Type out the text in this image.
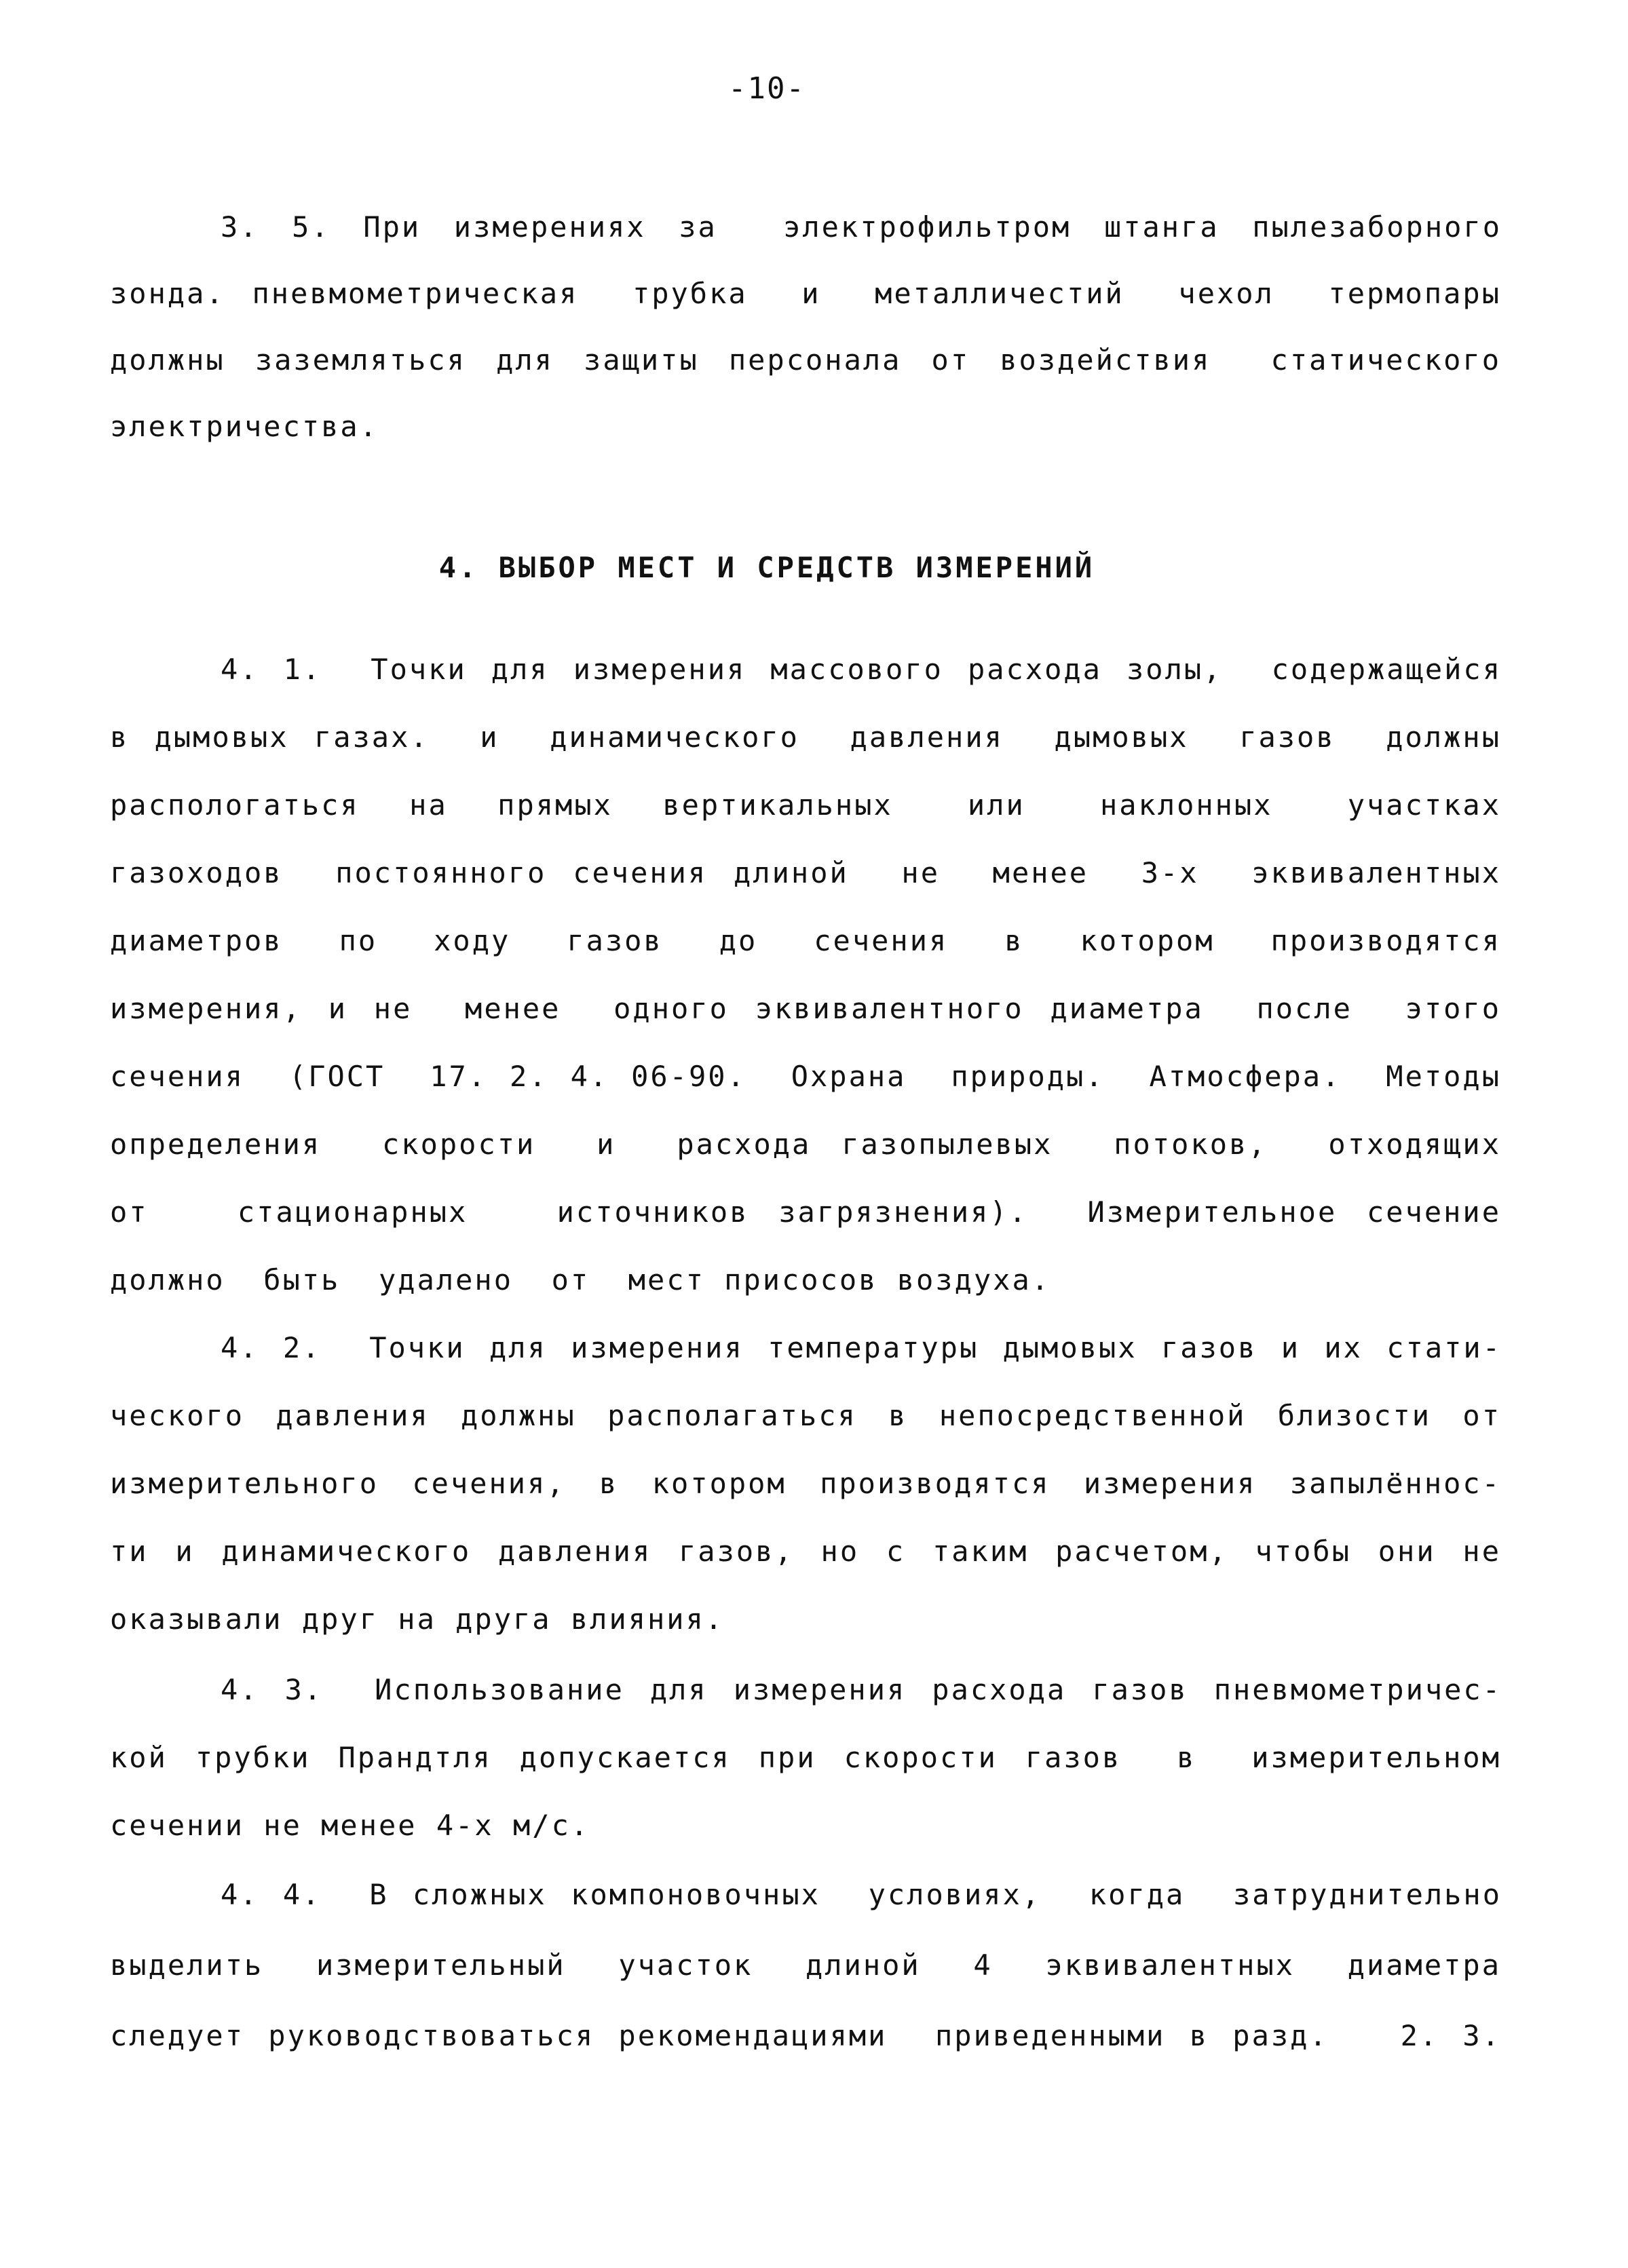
-10-
3. 5. При измерениях за  электрофильтром штанга пылезаборного
зонда. пневмометрическая  трубка  и  металличестий  чехол  термопары
должны заземляться для защиты персонала от воздействия  статического
электричества.
4. ВЫБОР МЕСТ И СРЕДСТВ ИЗМЕРЕНИЙ
4. 1.  Точки для измерения массового расхода золы,  содержащейся
в дымовых газах.  и  динамического  давления  дымовых  газов  должны
распологаться  на  прямых  вертикальных   или   наклонных   участках
газоходов  постоянного сечения длиной  не  менее  3-х  эквивалентных
диаметров  по  ходу  газов  до  сечения  в  котором  производятся
измерения, и не  менее  одного эквивалентного диаметра  после  этого
сечения  (ГОСТ  17. 2. 4. 06-90.  Охрана  природы.  Атмосфера.  Методы
определения  скорости  и  расхода газопылевых  потоков,  отходящих
от   стационарных   источников загрязнения).  Измерительное сечение
должно  быть  удалено  от  мест присосов воздуха.
4. 2.  Точки для измерения температуры дымовых газов и их стати-
ческого давления должны располагаться в непосредственной близости от
измерительного сечения, в котором производятся измерения запылённос-
ти и динамического давления газов, но с таким расчетом, чтобы они не
оказывали друг на друга влияния.
4. 3.  Использование для измерения расхода газов пневмометричес-
кой трубки Прандтля допускается при скорости газов  в  измерительном
сечении не менее 4-х м/с.
4. 4.  В сложных компоновочных  условиях,  когда  затруднительно
выделить  измерительный  участок  длиной  4  эквивалентных  диаметра
следует руководствоваться рекомендациями  приведенными в разд.   2. 3.
